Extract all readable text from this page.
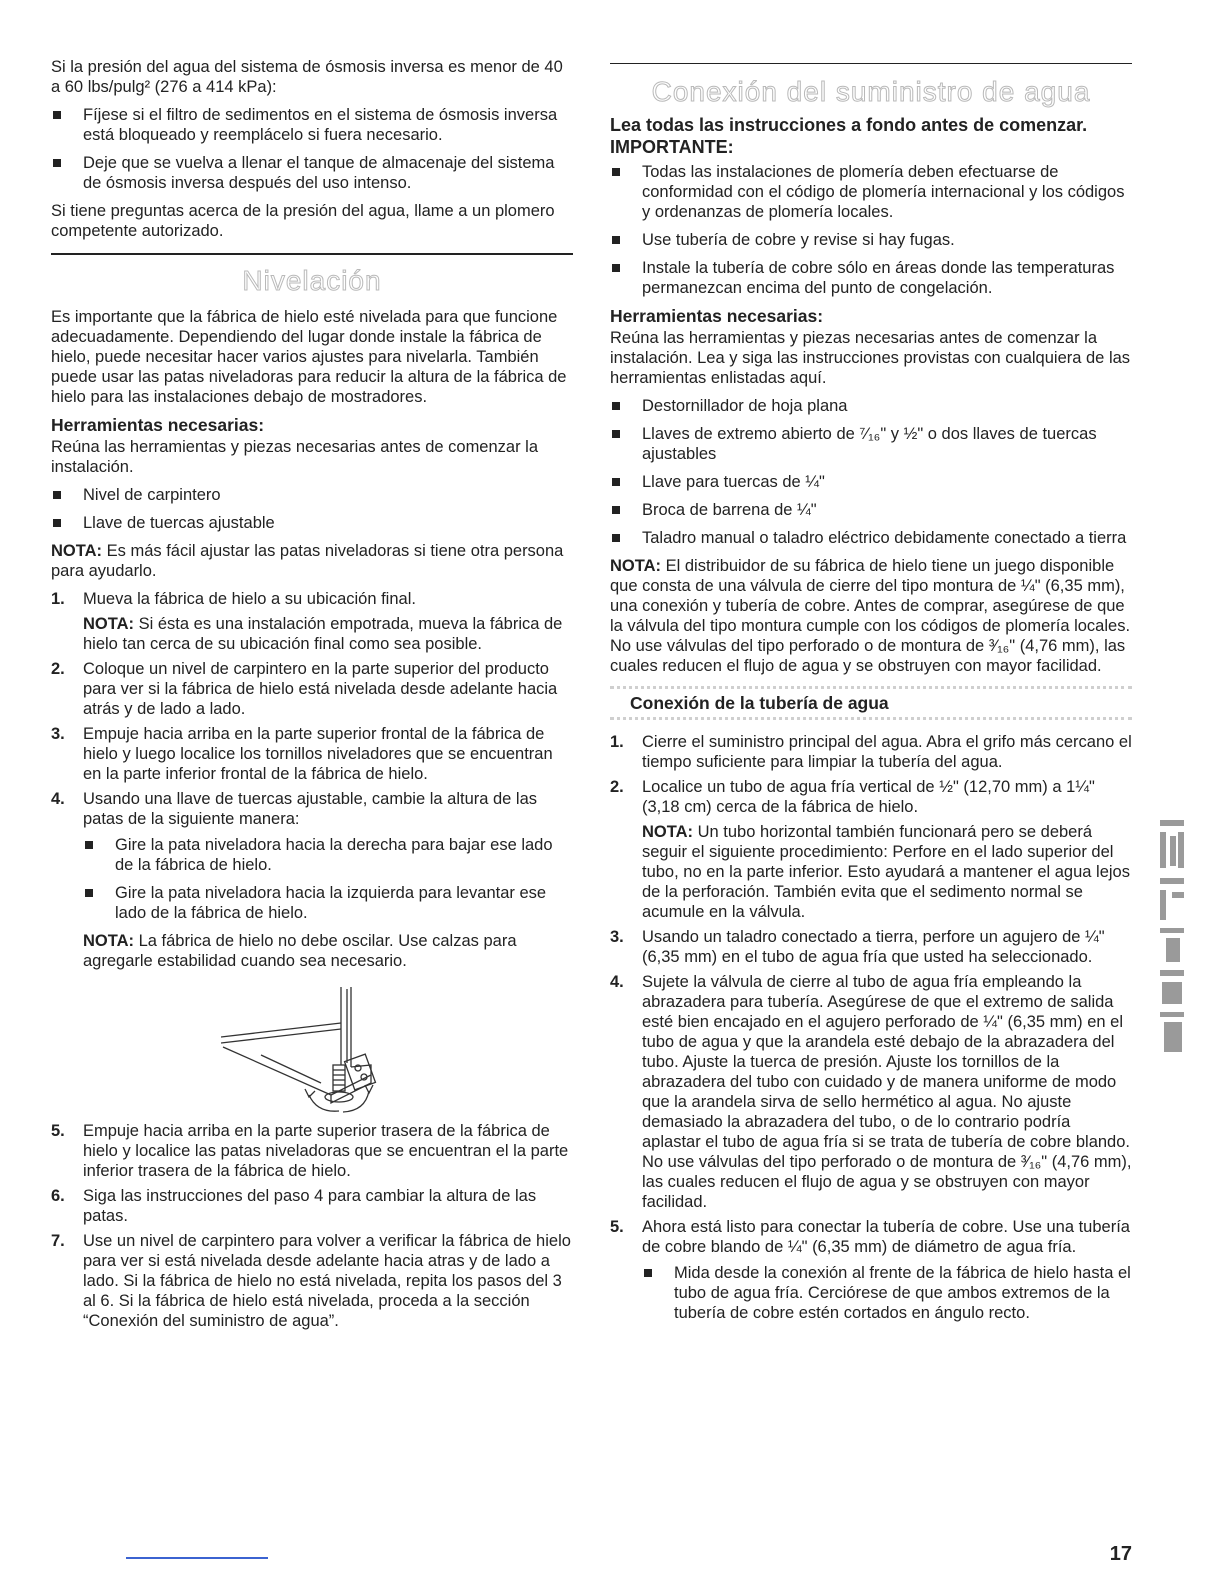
Si la presión del agua del sistema de ósmosis inversa es menor de 40 a 60 lbs/pulg² (276 a 414 kPa):

Fíjese si el filtro de sedimentos en el sistema de ósmosis inversa está bloqueado y reemplácelo si fuera necesario.
Deje que se vuelva a llenar el tanque de almacenaje del sistema de ósmosis inversa después del uso intenso.

Si tiene preguntas acerca de la presión del agua, llame a un plomero competente autorizado.

Nivelación

Es importante que la fábrica de hielo esté nivelada para que funcione adecuadamente. Dependiendo del lugar donde instale la fábrica de hielo, puede necesitar hacer varios ajustes para nivelarla. También puede usar las patas niveladoras para reducir la altura de la fábrica de hielo para las instalaciones debajo de mostradores.

Herramientas necesarias:

Reúna las herramientas y piezas necesarias antes de comenzar la instalación.

Nivel de carpintero
Llave de tuercas ajustable

NOTA: Es más fácil ajustar las patas niveladoras si tiene otra persona para ayudarlo.

1. Mueva la fábrica de hielo a su ubicación final.
NOTA: Si ésta es una instalación empotrada, mueva la fábrica de hielo tan cerca de su ubicación final como sea posible.
2. Coloque un nivel de carpintero en la parte superior del producto para ver si la fábrica de hielo está nivelada desde adelante hacia atrás y de lado a lado.
3. Empuje hacia arriba en la parte superior frontal de la fábrica de hielo y luego localice los tornillos niveladores que se encuentran en la parte inferior frontal de la fábrica de hielo.
4. Usando una llave de tuercas ajustable, cambie la altura de las patas de la siguiente manera:
Gire la pata niveladora hacia la derecha para bajar ese lado de la fábrica de hielo.
Gire la pata niveladora hacia la izquierda para levantar ese lado de la fábrica de hielo.
NOTA: La fábrica de hielo no debe oscilar. Use calzas para agregarle estabilidad cuando sea necesario.
5. Empuje hacia arriba en la parte superior trasera de la fábrica de hielo y localice las patas niveladoras que se encuentran el la parte inferior trasera de la fábrica de hielo.
6. Siga las instrucciones del paso 4 para cambiar la altura de las patas.
7. Use un nivel de carpintero para volver a verificar la fábrica de hielo para ver si está nivelada desde adelante hacia atras y de lado a lado. Si la fábrica de hielo no está nivelada, repita los pasos del 3 al 6. Si la fábrica de hielo está nivelada, proceda a la sección “Conexión del suministro de agua”.
Conexión del suministro de agua
Lea todas las instrucciones a fondo antes de comenzar.
IMPORTANTE:
Todas las instalaciones de plomería deben efectuarse de conformidad con el código de plomería internacional y los códigos y ordenanzas de plomería locales.
Use tubería de cobre y revise si hay fugas.
Instale la tubería de cobre sólo en áreas donde las temperaturas permanezcan encima del punto de congelación.
Herramientas necesarias:

Reúna las herramientas y piezas necesarias antes de comenzar la instalación. Lea y siga las instrucciones provistas con cualquiera de las herramientas enlistadas aquí.

Destornillador de hoja plana
Llaves de extremo abierto de ⁷⁄₁₆" y ½" o dos llaves de tuercas ajustables
Llave para tuercas de ¼"
Broca de barrena de ¼"
Taladro manual o taladro eléctrico debidamente conectado a tierra

NOTA: El distribuidor de su fábrica de hielo tiene un juego disponible que consta de una válvula de cierre del tipo montura de ¼" (6,35 mm), una conexión y tubería de cobre. Antes de comprar, asegúrese de que la válvula del tipo montura cumple con los códigos de plomería locales. No use válvulas del tipo perforado o de montura de ³⁄₁₆" (4,76 mm), las cuales reducen el flujo de agua y se obstruyen con mayor facilidad.

Conexión de la tubería de agua
1. Cierre el suministro principal del agua. Abra el grifo más cercano el tiempo suficiente para limpiar la tubería del agua.
2. Localice un tubo de agua fría vertical de ½" (12,70 mm) a 1¼" (3,18 cm) cerca de la fábrica de hielo.
NOTA: Un tubo horizontal también funcionará pero se deberá seguir el siguiente procedimiento: Perfore en el lado superior del tubo, no en la parte inferior. Esto ayudará a mantener el agua lejos de la perforación. También evita que el sedimento normal se acumule en la válvula.
3. Usando un taladro conectado a tierra, perfore un agujero de ¼" (6,35 mm) en el tubo de agua fría que usted ha seleccionado.
4. Sujete la válvula de cierre al tubo de agua fría empleando la abrazadera para tubería. Asegúrese de que el extremo de salida esté bien encajado en el agujero perforado de ¼" (6,35 mm) en el tubo de agua y que la arandela esté debajo de la abrazadera del tubo. Ajuste la tuerca de presión. Ajuste los tornillos de la abrazadera del tubo con cuidado y de manera uniforme de modo que la arandela sirva de sello hermético al agua. No ajuste demasiado la abrazadera del tubo, o de lo contrario podría aplastar el tubo de agua fría si se trata de tubería de cobre blando. No use válvulas del tipo perforado o de montura de ³⁄₁₆" (4,76 mm), las cuales reducen el flujo de agua y se obstruyen con mayor facilidad.
5. Ahora está listo para conectar la tubería de cobre. Use una tubería de cobre blando de ¼" (6,35 mm) de diámetro de agua fría.
Mida desde la conexión al frente de la fábrica de hielo hasta el tubo de agua fría. Cerciórese de que ambos extremos de la tubería de cobre estén cortados en ángulo recto.
17
